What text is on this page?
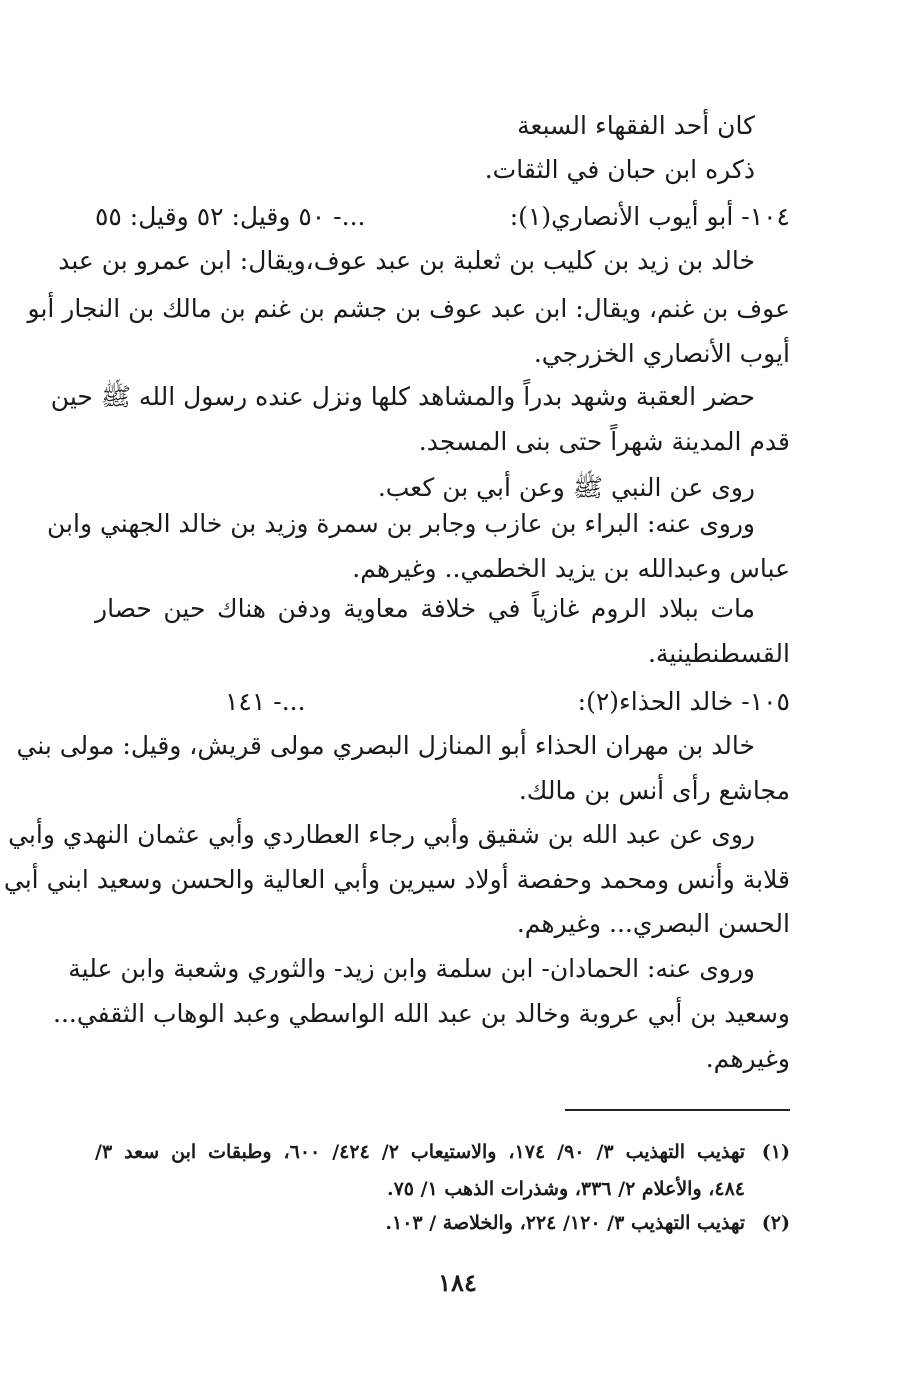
كان أحد الفقهاء السبعة
ذكره ابن حبان في الثقات.
١٠٤- أبو أيوب الأنصاري(١):
...- ٥٠ وقيل: ٥٢ وقيل: ٥٥
خالد بن زيد بن كليب بن ثعلبة بن عبد عوف،ويقال: ابن عمرو بن عبد
عوف بن غنم، ويقال: ابن عبد عوف بن جشم بن غنم بن مالك بن النجار أبو
أيوب الأنصاري الخزرجي.
حضر العقبة وشهد بدراً والمشاهد كلها ونزل عنده رسول الله ﷺ حين
قدم المدينة شهراً حتى بنى المسجد.
روى عن النبي ﷺ وعن أبي بن كعب.
وروى عنه: البراء بن عازب وجابر بن سمرة وزيد بن خالد الجهني وابن
عباس وعبدالله بن يزيد الخطمي.. وغيرهم.
مات ببلاد الروم غازياً في خلافة معاوية ودفن هناك حين حصار
القسطنطينية.
١٠٥- خالد الحذاء(٢):
...- ١٤١
خالد بن مهران الحذاء أبو المنازل البصري مولى قريش، وقيل: مولى بني
مجاشع رأى أنس بن مالك.
روى عن عبد الله بن شقيق وأبي رجاء العطاردي وأبي عثمان النهدي وأبي
قلابة وأنس ومحمد وحفصة أولاد سيرين وأبي العالية والحسن وسعيد ابني أبي
الحسن البصري... وغيرهم.
وروى عنه: الحمادان- ابن سلمة وابن زيد- والثوري وشعبة وابن علية
وسعيد بن أبي عروبة وخالد بن عبد الله الواسطي وعبد الوهاب الثقفي...
وغيرهم.
(١)
تهذيب التهذيب ٣/ ٩٠/ ١٧٤، والاستيعاب ٢/ ٤٢٤/ ٦٠٠، وطبقات ابن سعد ٣/
٤٨٤، والأعلام ٢/ ٣٣٦، وشذرات الذهب ١/ ٧٥.
(٢)
تهذيب التهذيب ٣/ ١٢٠/ ٢٢٤، والخلاصة / ١٠٣.
١٨٤
